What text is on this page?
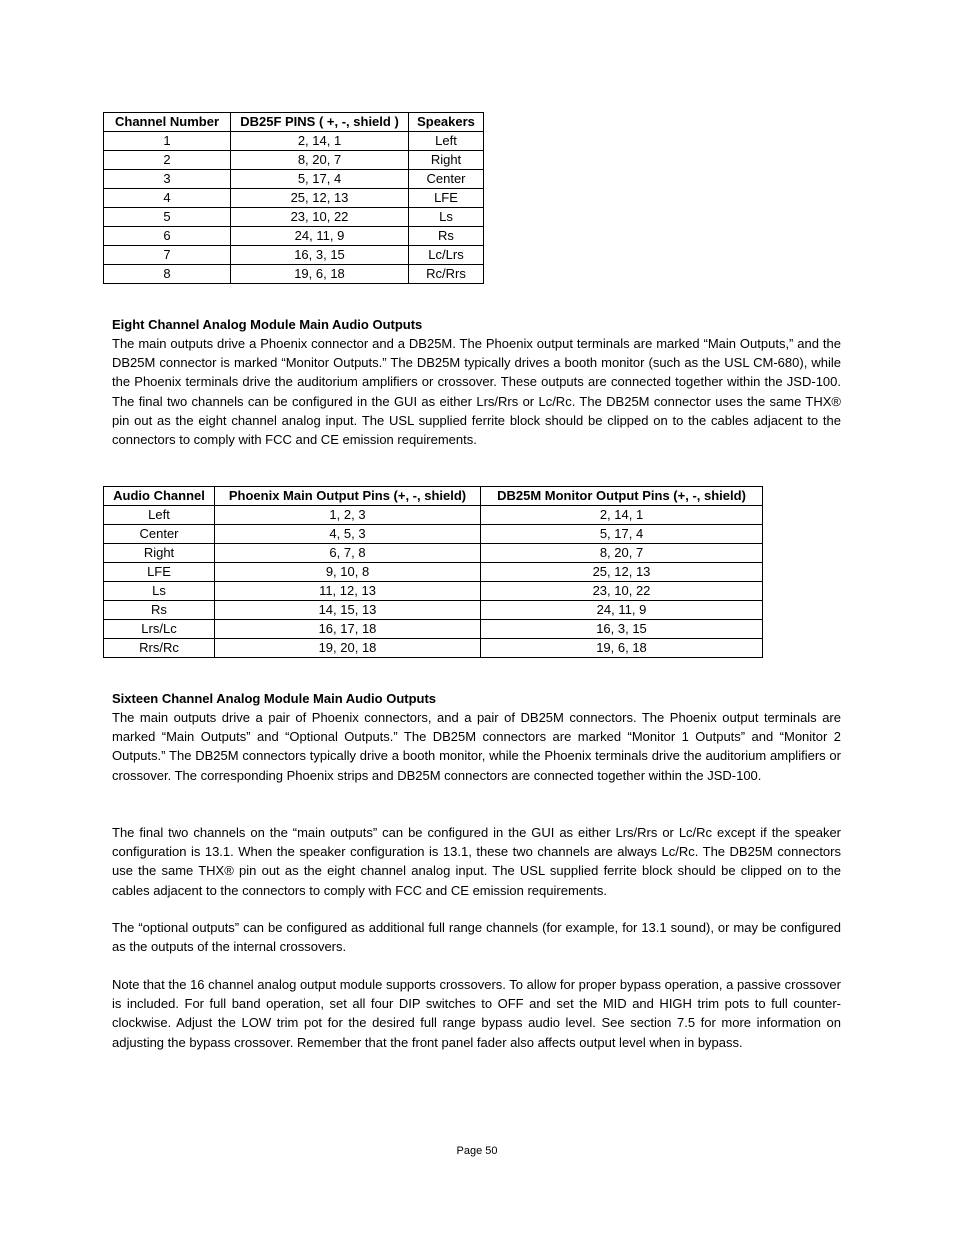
Channel Number	DB25F PINS ( +, -, shield )	Speakers
1	2, 14, 1	Left
2	8, 20, 7	Right
3	5, 17, 4	Center
4	25, 12, 13	LFE
5	23, 10, 22	Ls
6	24, 11, 9	Rs
7	16, 3, 15	Lc/Lrs
8	19, 6, 18	Rc/Rrs

Eight Channel Analog Module Main Audio Outputs

The main outputs drive a Phoenix connector and a DB25M. The Phoenix output terminals are marked “Main Outputs,” and the DB25M connector is marked “Monitor Outputs.” The DB25M typically drives a booth monitor (such as the USL CM-680), while the Phoenix terminals drive the auditorium amplifiers or crossover. These outputs are connected together within the JSD-100. The final two channels can be configured in the GUI as either Lrs/Rrs or Lc/Rc. The DB25M connector uses the same THX® pin out as the eight channel analog input. The USL supplied ferrite block should be clipped on to the cables adjacent to the connectors to comply with FCC and CE emission requirements.

Audio Channel	Phoenix Main Output Pins (+, -, shield)	DB25M Monitor Output Pins (+, -, shield)
Left	1, 2, 3	2, 14, 1
Center	4, 5, 3	5, 17, 4
Right	6, 7, 8	8, 20, 7
LFE	9, 10, 8	25, 12, 13
Ls	11, 12, 13	23, 10, 22
Rs	14, 15, 13	24, 11, 9
Lrs/Lc	16, 17, 18	16, 3, 15
Rrs/Rc	19, 20, 18	19, 6, 18

Sixteen Channel Analog Module Main Audio Outputs

The main outputs drive a pair of Phoenix connectors, and a pair of DB25M connectors. The Phoenix output terminals are marked “Main Outputs” and “Optional Outputs.” The DB25M connectors are marked “Monitor 1 Outputs” and “Monitor 2 Outputs.” The DB25M connectors typically drive a booth monitor, while the Phoenix terminals drive the auditorium amplifiers or crossover. The corresponding Phoenix strips and DB25M connectors are connected together within the JSD-100.

The final two channels on the “main outputs” can be configured in the GUI as either Lrs/Rrs or Lc/Rc except if the speaker configuration is 13.1. When the speaker configuration is 13.1, these two channels are always Lc/Rc. The DB25M connectors use the same THX® pin out as the eight channel analog input. The USL supplied ferrite block should be clipped on to the cables adjacent to the connectors to comply with FCC and CE emission requirements.

The “optional outputs” can be configured as additional full range channels (for example, for 13.1 sound), or may be configured as the outputs of the internal crossovers.

Note that the 16 channel analog output module supports crossovers. To allow for proper bypass operation, a passive crossover is included. For full band operation, set all four DIP switches to OFF and set the MID and HIGH trim pots to full counter-clockwise. Adjust the LOW trim pot for the desired full range bypass audio level. See section 7.5 for more information on adjusting the bypass crossover. Remember that the front panel fader also affects output level when in bypass.

Page 50
